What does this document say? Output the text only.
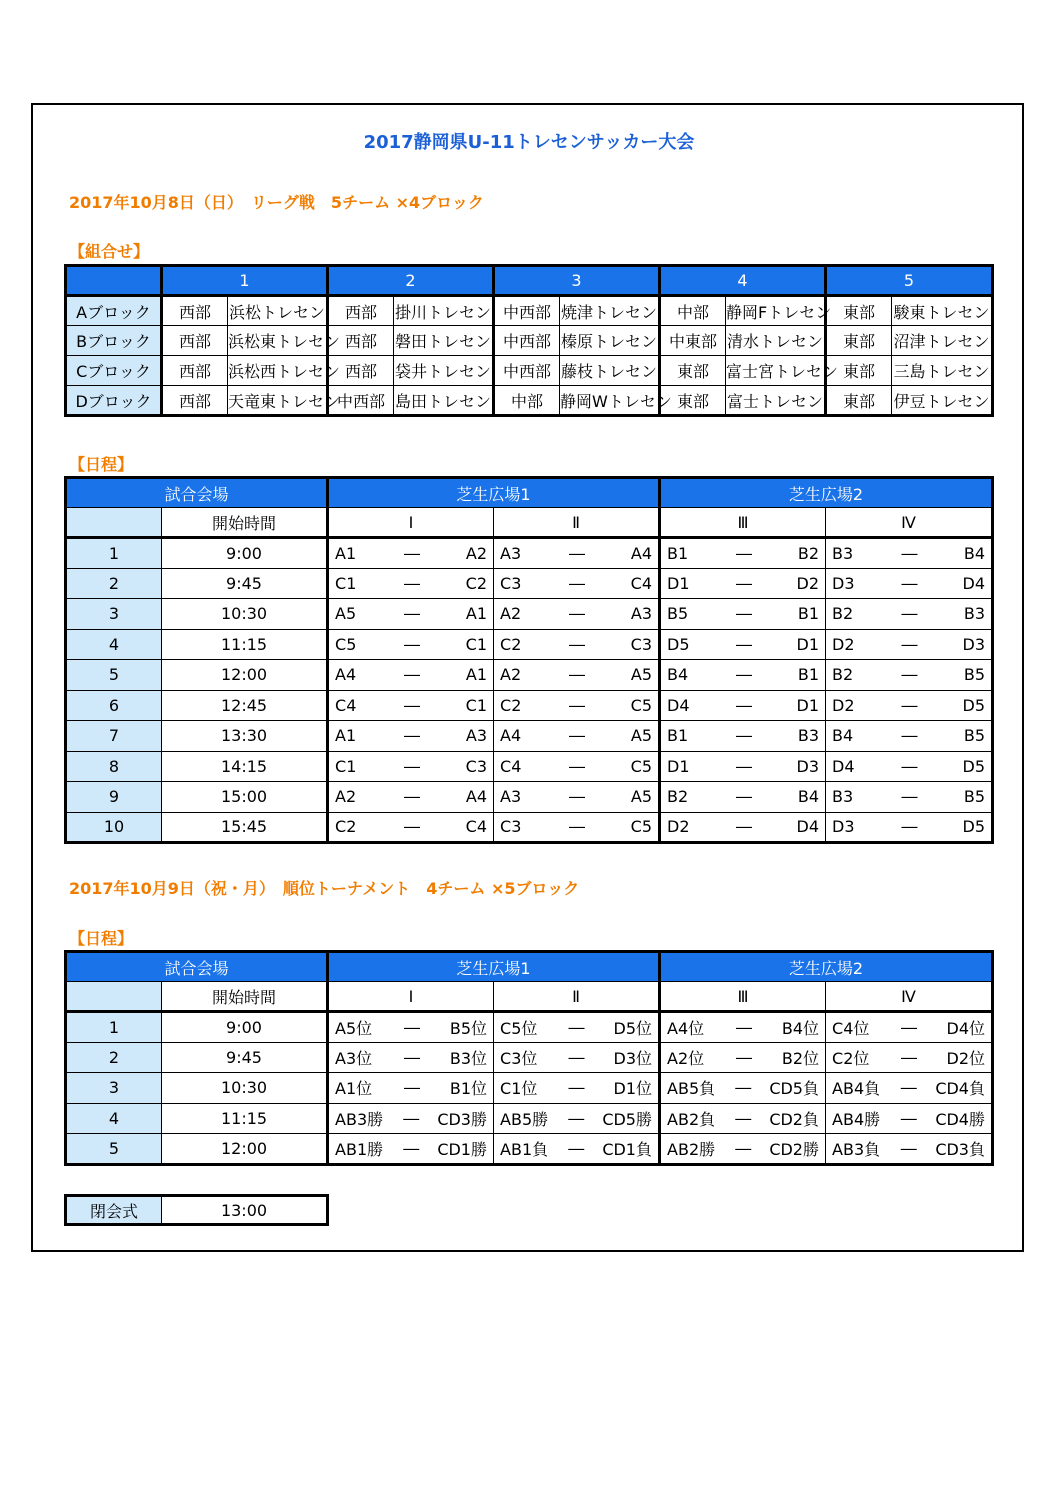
2017静岡県U-11トレセンサッカー大会
2017年10月8日（日）　リーグ戦　5チーム ×4ブロック
【組合せ】
	1		2		3		4		5	
Aブロック	西部	浜松トレセン	西部	掛川トレセン	中西部	焼津トレセン	中部	静岡Fトレセン	東部	駿東トレセン
Bブロック	西部	浜松東トレセン	西部	磐田トレセン	中西部	榛原トレセン	中東部	清水トレセン	東部	沼津トレセン
Cブロック	西部	浜松西トレセン	西部	袋井トレセン	中西部	藤枝トレセン	東部	富士宮トレセン	東部	三島トレセン
Dブロック	西部	天竜東トレセン	中西部	島田トレセン	中部	静岡Wトレセン	東部	富士トレセン	東部	伊豆トレセン
【日程】
試合会場		芝生広場1		芝生広場2	
	開始時間	Ⅰ	Ⅱ	Ⅲ	Ⅳ
1	9:00	A1 ― A2	A3 ― A4	B1 ― B2	B3 ― B4

2	9:45	C1 ― C2	C3 ― C4	D1 ― D2	D3 ― D4

3	10:30	A5 ― A1	A2 ― A3	B5 ― B1	B2 ― B3

4	11:15	C5 ― C1	C2 ― C3	D5 ― D1	D2 ― D3

5	12:00	A4 ― A1	A2 ― A5	B4 ― B1	B2 ― B5

6	12:45	C4 ― C1	C2 ― C5	D4 ― D1	D2 ― D5

7	13:30	A1 ― A3	A4 ― A5	B1 ― B3	B4 ― B5

8	14:15	C1 ― C3	C4 ― C5	D1 ― D3	D4 ― D5

9	15:00	A2 ― A4	A3 ― A5	B2 ― B4	B3 ― B5

10	15:45	C2 ― C4	C3 ― C5	D2 ― D4	D3 ― D5
2017年10月9日（祝・月）　順位トーナメント　4チーム ×5ブロック
【日程】
試合会場		芝生広場1		芝生広場2	
	開始時間	Ⅰ	Ⅱ	Ⅲ	Ⅳ
1	9:00	A5位 ― B5位	C5位 ― D5位	A4位 ― B4位	C4位 ― D4位

2	9:45	A3位 ― B3位	C3位 ― D3位	A2位 ― B2位	C2位 ― D2位

3	10:30	A1位 ― B1位	C1位 ― D1位	AB5負 ― CD5負	AB4負 ― CD4負

4	11:15	AB3勝 ― CD3勝	AB5勝 ― CD5勝	AB2負 ― CD2負	AB4勝 ― CD4勝

5	12:00	AB1勝 ― CD1勝	AB1負 ― CD1負	AB2勝 ― CD2勝	AB3負 ― CD3負
閉会式	13:00
